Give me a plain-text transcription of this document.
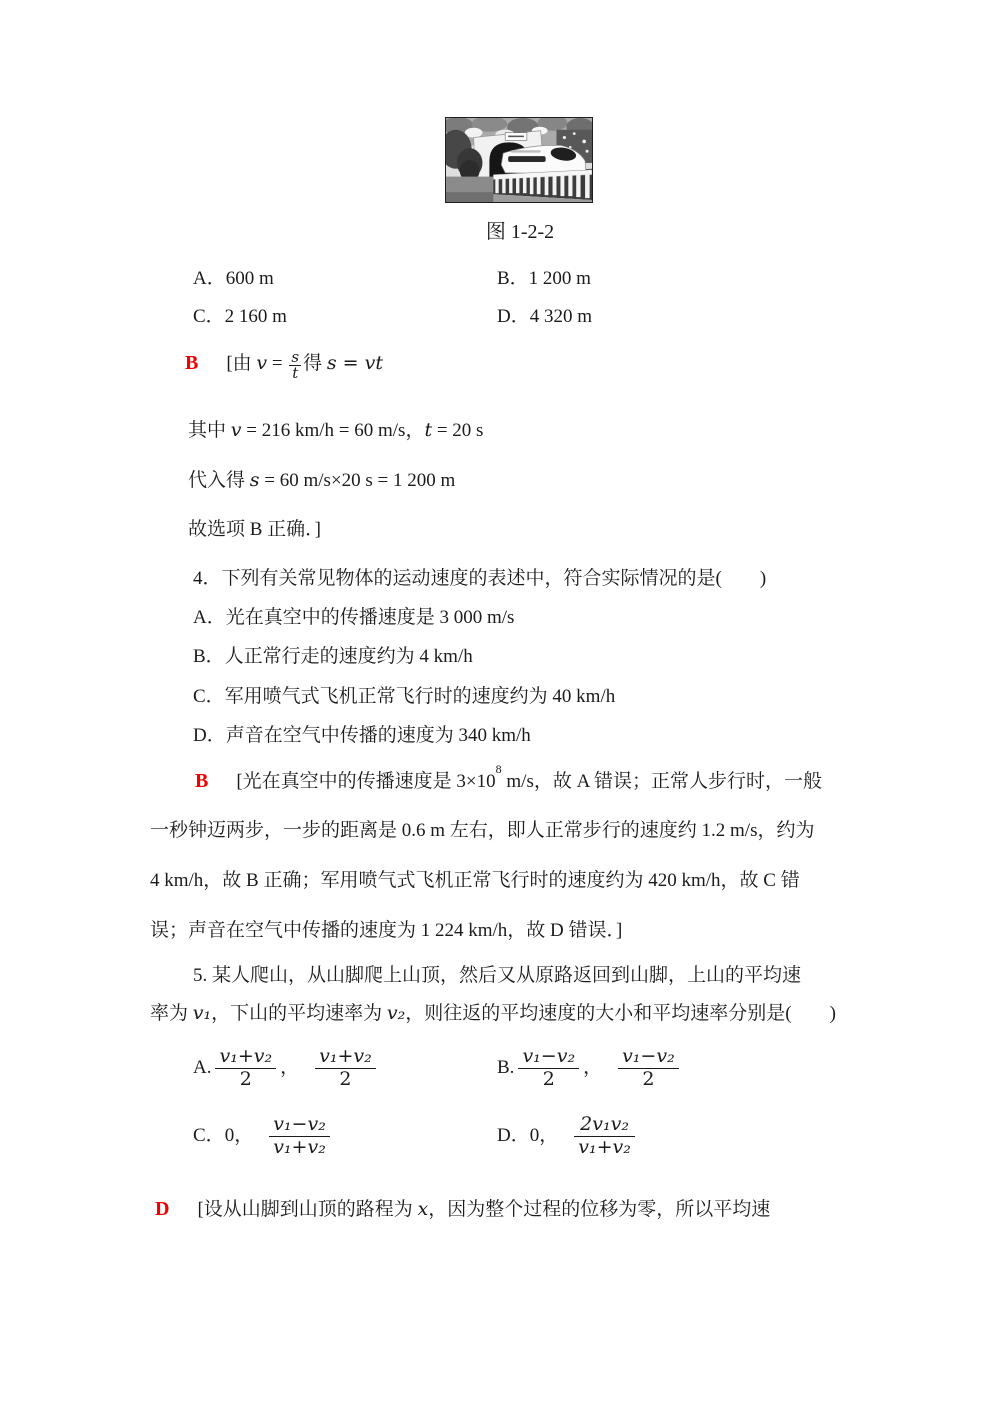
图 1-2-2
A．600 m	B．1 200 m
C．2 160 m	D．4 320 m
B [由 $v = \frac{s}{t}$ 得 s = vt
其中 v = 216 km/h = 60 m/s，t = 20 s
代入得 s = 60 m/s×20 s = 1 200 m
故选项 B 正确．]
4．下列有关常见物体的运动速度的表述中，符合实际情况的是(　　)
A．光在真空中的传播速度是 3 000 m/s
B．人正常行走的速度约为 4 km/h
C．军用喷气式飞机正常飞行时的速度约为 40 km/h
D．声音在空气中传播的速度为 340 km/h
B [光在真空中的传播速度是 $3\times 10^8$ m/s，故 A 错误；正常人步行时，一般
一秒钟迈两步，一步的距离是 0.6 m 左右，即人正常步行的速度约 1.2 m/s，约为
4 km/h，故 B 正确；军用喷气式飞机正常飞行时的速度约为 420 km/h，故 C 错
误；声音在空气中传播的速度为 1 224 km/h，故 D 错误．]
5. 某人爬山，从山脚爬上山顶，然后又从原路返回到山脚，上山的平均速
率为 v₁，下山的平均速率为 v₂，则往返的平均速度的大小和平均速率分别是(　　)
A. $\frac{\text{v₁+v₂}}{2}$ ， $\frac{\text{v₁+v₂}}{2}$	B. $\frac{\text{v₁−v₂}}{2}$ ， $\frac{\text{v₁−v₂}}{2}$
C． 0， $\frac{\text{v₁−v₂}}{\text{v₁+v₂}}$	D． 0， $\frac{\text{2v₁v₂}}{\text{v₁+v₂}}$
D [设从山脚到山顶的路程为 x，因为整个过程的位移为零，所以平均速
